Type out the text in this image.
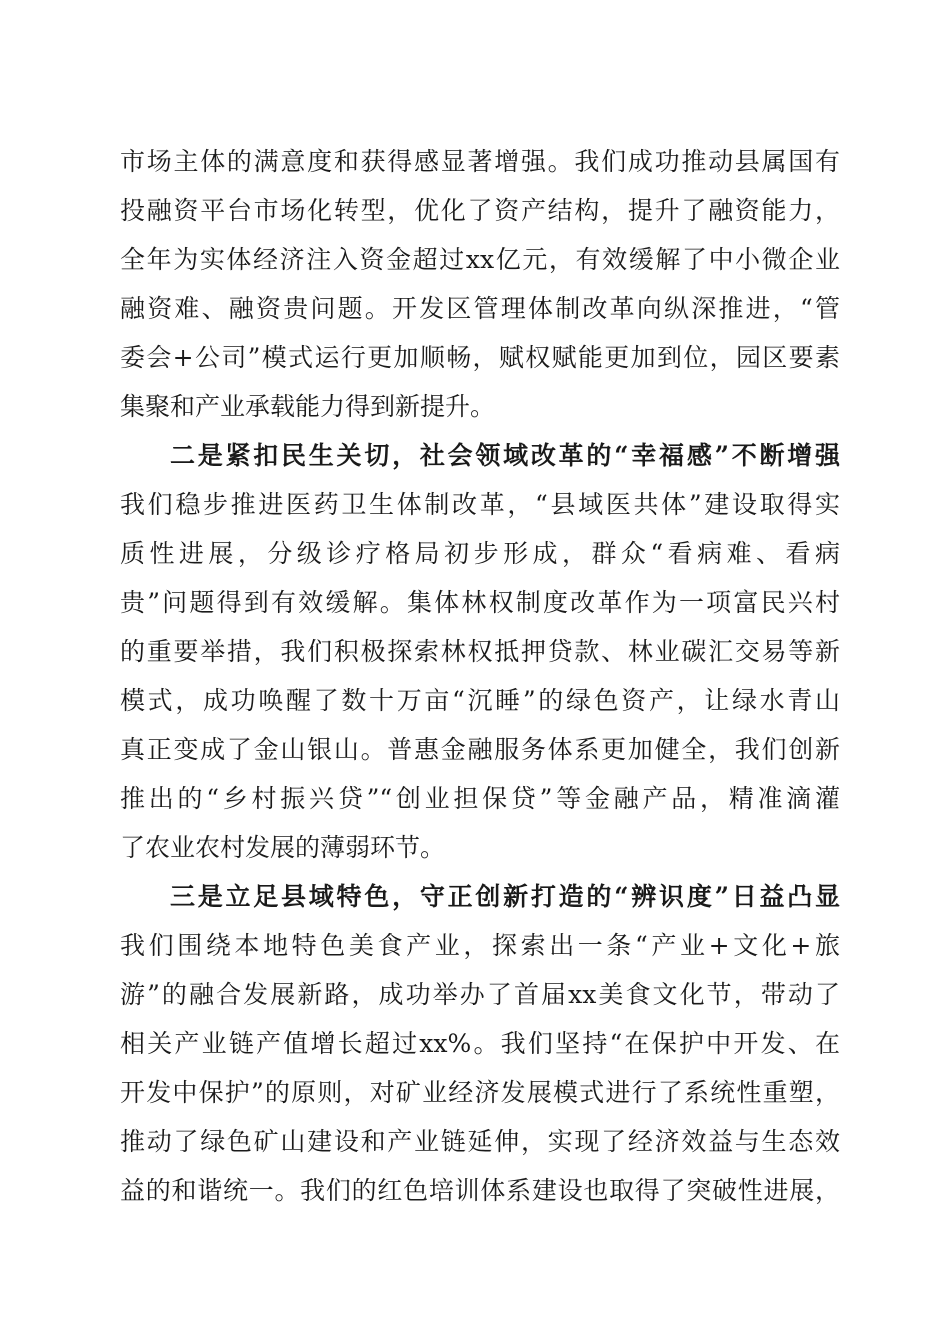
市场主体的满意度和获得感显著增强。我们成功推动县属国有
投融资平台市场化转型，优化了资产结构，提升了融资能力，
全年为实体经济注入资金超过xx亿元，有效缓解了中小微企业
融资难、融资贵问题。开发区管理体制改革向纵深推进，“管
委会+公司”模式运行更加顺畅，赋权赋能更加到位，园区要素
集聚和产业承载能力得到新提升。
二是紧扣民生关切，社会领域改革的“幸福感”不断增强
我们稳步推进医药卫生体制改革，“县域医共体”建设取得实
质性进展，分级诊疗格局初步形成，群众“看病难、看病
贵”问题得到有效缓解。集体林权制度改革作为一项富民兴村
的重要举措，我们积极探索林权抵押贷款、林业碳汇交易等新
模式，成功唤醒了数十万亩“沉睡”的绿色资产，让绿水青山
真正变成了金山银山。普惠金融服务体系更加健全，我们创新
推出的“乡村振兴贷”“创业担保贷”等金融产品，精准滴灌
了农业农村发展的薄弱环节。
三是立足县域特色，守正创新打造的“辨识度”日益凸显
我们围绕本地特色美食产业，探索出一条“产业+文化+旅
游”的融合发展新路，成功举办了首届xx美食文化节，带动了
相关产业链产值增长超过xx%。我们坚持“在保护中开发、在
开发中保护”的原则，对矿业经济发展模式进行了系统性重塑，
推动了绿色矿山建设和产业链延伸，实现了经济效益与生态效
益的和谐统一。我们的红色培训体系建设也取得了突破性进展，
